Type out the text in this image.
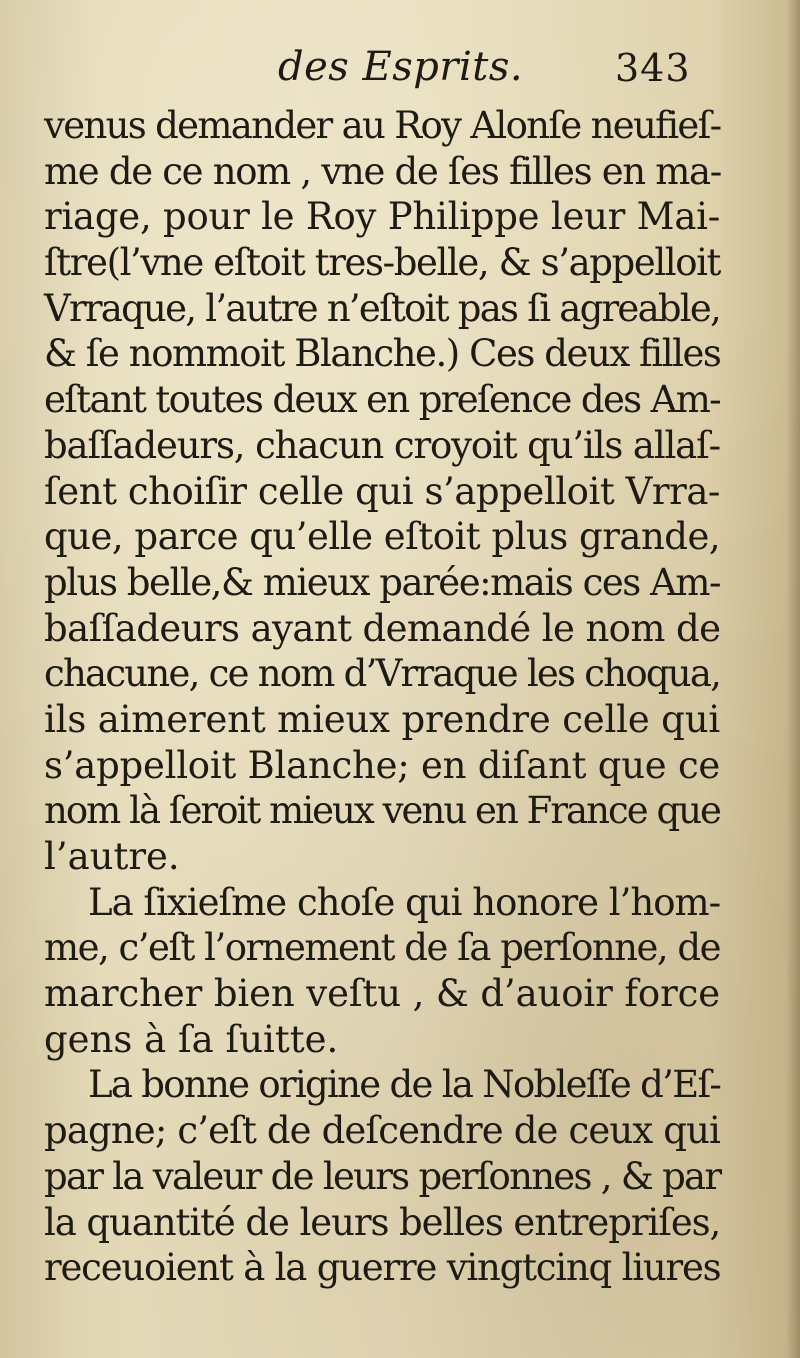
des Esprits. 343
venus demander au Roy Alonſe neufieſ-
me de ce nom , vne de ſes filles en ma-
riage, pour le Roy Philippe leur Mai-
ſtre(l’vne eſtoit tres-belle, & s’appelloit
Vrraque, l’autre n’eſtoit pas ſi agreable,
& ſe nommoit Blanche.) Ces deux filles
eſtant toutes deux en preſence des Am-
baſſadeurs, chacun croyoit qu’ils allaſ-
ſent choiſir celle qui s’appelloit Vrra-
que, parce qu’elle eſtoit plus grande,
plus belle,& mieux parée:mais ces Am-
baſſadeurs ayant demandé le nom de
chacune, ce nom d’Vrraque les choqua,
ils aimerent mieux prendre celle qui
s’appelloit Blanche; en diſant que ce
nom là ſeroit mieux venu en France que
l’autre.
La ſixieſme choſe qui honore l’hom-
me, c’eſt l’ornement de ſa perſonne, de
marcher bien veſtu , & d’auoir force
gens à ſa ſuitte.
La bonne origine de la Nobleſſe d’Eſ-
pagne; c’eſt de deſcendre de ceux qui
par la valeur de leurs perſonnes , & par
la quantité de leurs belles entrepriſes,
receuoient à la guerre vingtcinq liures
